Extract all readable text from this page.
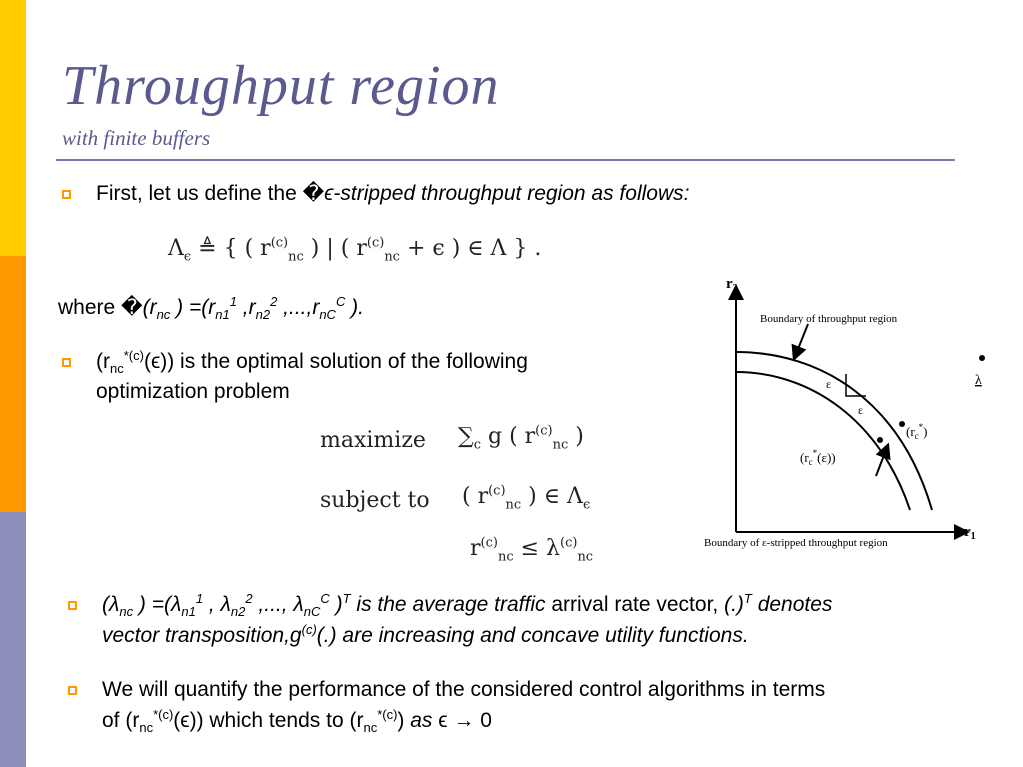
Throughput region
with finite buffers
First, let us define the �ϵ-stripped throughput region as follows:
$\Lambda_\epsilon$ ≜ { ( $r^{(c)}_{nc}$ ) | ( $r^{(c)}_{nc} + \epsilon$ ) ∈ Λ } .
where $�(r_{nc}$ ) $=(r_{n1}^1$ $,r_{n2}^2$ $,...,r_{nC}^C$ ).
$(r_{nc}^{*(c)}(\epsilon))$ is the optimal solution of the following
optimization problem
maximize $\sum_c$ g ( $r^{(c)}_{nc}$ )
subject to ( $r^{(c)}_{nc}$ ) ∈ $\Lambda_\epsilon$
$r^{(c)}_{nc} \le \lambda^{(c)}_{nc}$
$r_2$
$r_1$
Boundary of throughput region
Boundary of ε-stripped throughput region
ε
ε
λ
$(r_c^*)$
$(r_c^*(\varepsilon))$
($\lambda_{nc}$ ) $=(\lambda_{n1}^1$ , $\lambda_{n2}^2$ ,..., $\lambda_{nC}^C$ )$^T$ is the average traffic arrival rate vector, (.)$^T$ denotes
vector $transposition,g^{(c)}(.)$ are increasing and concave utility functions.
We will quantify the performance of the considered control algorithms in terms
of $(r_{nc}^{*(c)}(\epsilon))$ which tends to $(r_{nc}^{*(c)})$ as ϵ → 0
